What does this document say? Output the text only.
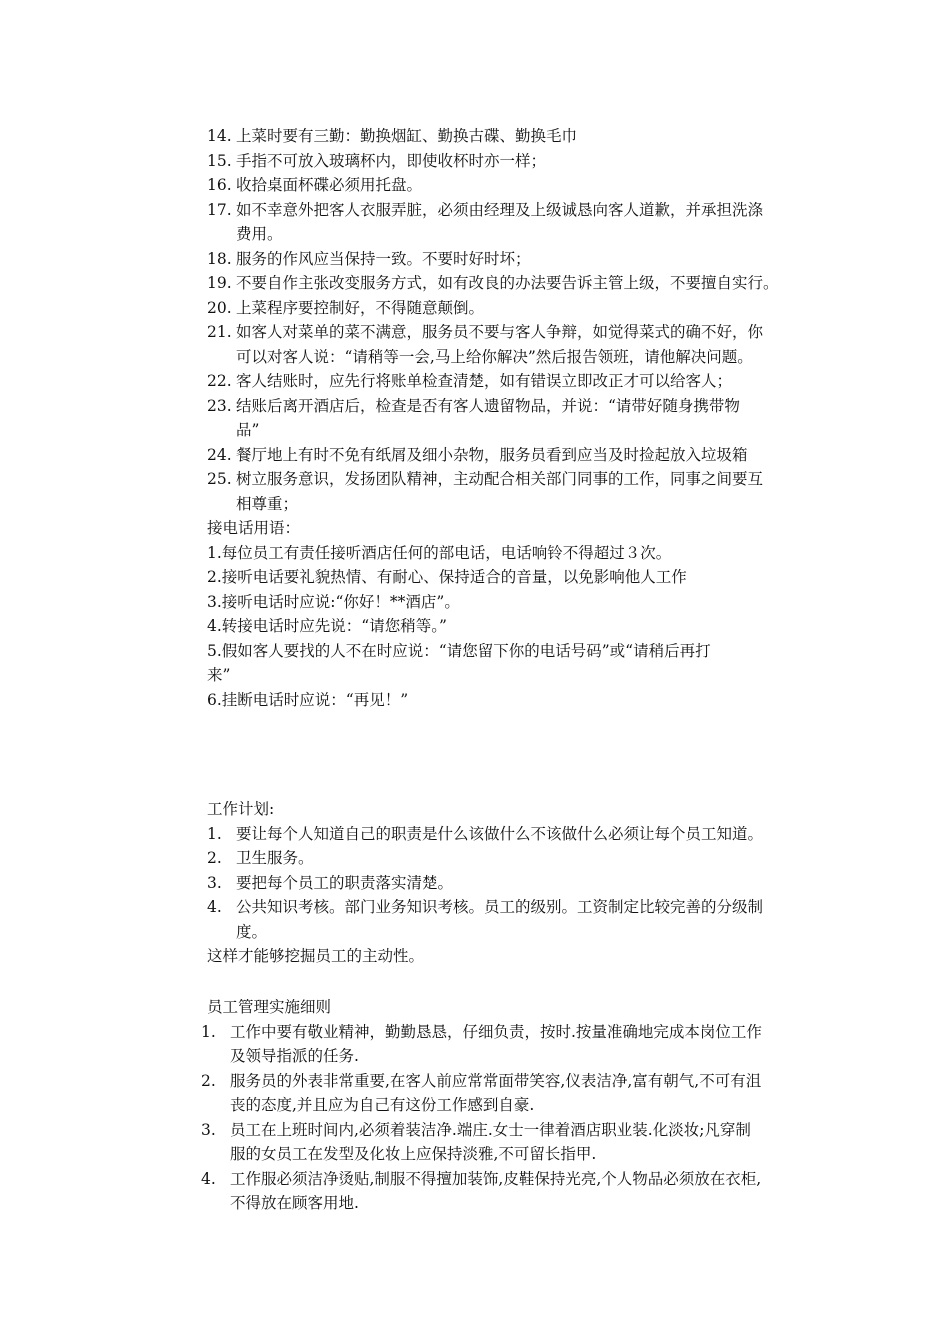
14. 上菜时要有三勤：勤换烟缸、勤换古碟、勤换毛巾
15. 手指不可放入玻璃杯内，即使收杯时亦一样；
16. 收拾桌面杯碟必须用托盘。
17. 如不幸意外把客人衣服弄脏，必须由经理及上级诚恳向客人道歉，并承担洗涤
费用。
18. 服务的作风应当保持一致。不要时好时坏；
19. 不要自作主张改变服务方式，如有改良的办法要告诉主管上级，不要擅自实行。
20. 上菜程序要控制好，不得随意颠倒。
21. 如客人对菜单的菜不满意，服务员不要与客人争辩，如觉得菜式的确不好，你
可以对客人说：“请稍等一会,马上给你解决”然后报告领班，请他解决问题。
22. 客人结账时，应先行将账单检查清楚，如有错误立即改正才可以给客人；
23. 结账后离开酒店后，检查是否有客人遗留物品，并说：“请带好随身携带物
品”
24. 餐厅地上有时不免有纸屑及细小杂物，服务员看到应当及时捡起放入垃圾箱
25. 树立服务意识，发扬团队精神，主动配合相关部门同事的工作，同事之间要互
相尊重；
接电话用语：
1.每位员工有责任接听酒店任何的部电话，电话响铃不得超过３次。
2.接听电话要礼貌热情、有耐心、保持适合的音量，以免影响他人工作
3.接听电话时应说:“你好！**酒店”。
4.转接电话时应先说：“请您稍等。”
5.假如客人要找的人不在时应说：“请您留下你的电话号码”或“请稍后再打
来”
6.挂断电话时应说：“再见！”
工作计划:
1. 要让每个人知道自己的职责是什么该做什么不该做什么必须让每个员工知道。
2. 卫生服务。
3. 要把每个员工的职责落实清楚。
4. 公共知识考核。部门业务知识考核。员工的级别。工资制定比较完善的分级制
度。
这样才能够挖掘员工的主动性。
员工管理实施细则
1. 工作中要有敬业精神，勤勤恳恳，仔细负责，按时.按量准确地完成本岗位工作
及领导指派的任务.
2. 服务员的外表非常重要,在客人前应常常面带笑容,仪表洁净,富有朝气,不可有沮
丧的态度,并且应为自己有这份工作感到自豪.
3. 员工在上班时间内,必须着装洁净.端庄.女士一律着酒店职业装.化淡妆;凡穿制
服的女员工在发型及化妆上应保持淡雅,不可留长指甲.
4. 工作服必须洁净烫贴,制服不得擅加装饰,皮鞋保持光亮,个人物品必须放在衣柜,
不得放在顾客用地.
